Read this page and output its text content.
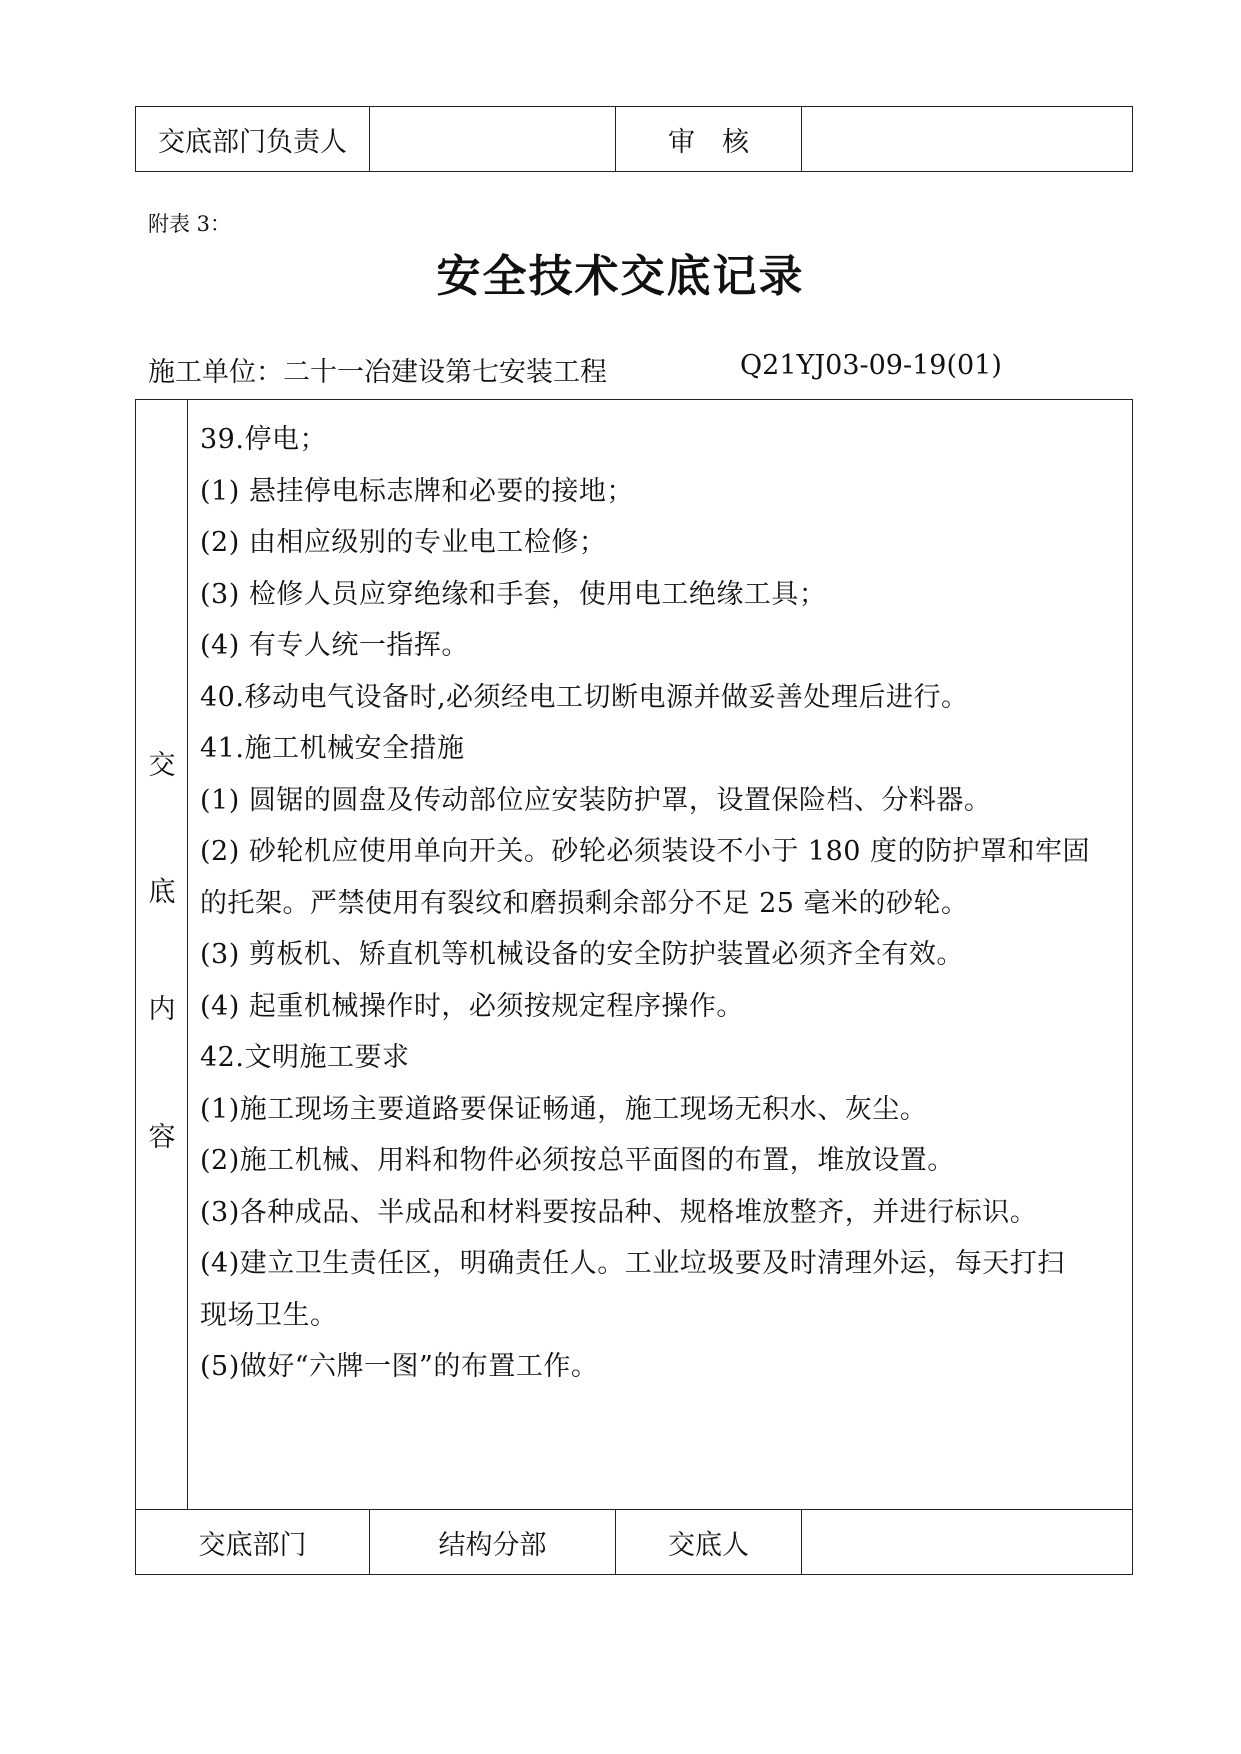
交底部门负责人		审　核	
附表 3：
安全技术交底记录
施工单位：二十一冶建设第七安装工程	Q21YJ03-09-19(01)
交
底
内
容
39.停电；
(1) 悬挂停电标志牌和必要的接地；
(2) 由相应级别的专业电工检修；
(3) 检修人员应穿绝缘和手套，使用电工绝缘工具；
(4) 有专人统一指挥。
40.移动电气设备时,必须经电工切断电源并做妥善处理后进行。
41.施工机械安全措施
(1) 圆锯的圆盘及传动部位应安装防护罩，设置保险档、分料器。
(2) 砂轮机应使用单向开关。砂轮必须装设不小于 180 度的防护罩和牢固
的托架。严禁使用有裂纹和磨损剩余部分不足 25 毫米的砂轮。
(3) 剪板机、矫直机等机械设备的安全防护装置必须齐全有效。
(4) 起重机械操作时，必须按规定程序操作。
42.文明施工要求
(1)施工现场主要道路要保证畅通，施工现场无积水、灰尘。
(2)施工机械、用料和物件必须按总平面图的布置，堆放设置。
(3)各种成品、半成品和材料要按品种、规格堆放整齐，并进行标识。
(4)建立卫生责任区，明确责任人。工业垃圾要及时清理外运，每天打扫
现场卫生。
(5)做好“六牌一图”的布置工作。
交底部门	结构分部	交底人	
